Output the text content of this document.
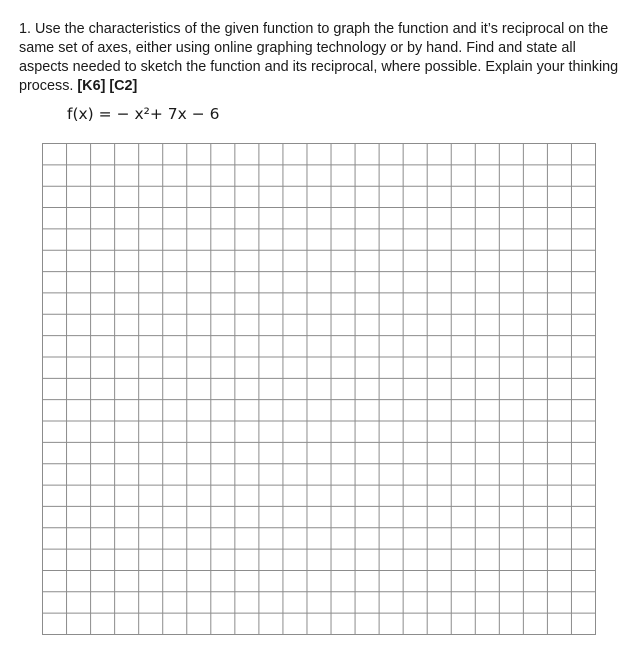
1. Use the characteristics of the given function to graph the function and it’s reciprocal on the same set of axes, either using online graphing technology or by hand. Find and state all aspects needed to sketch the function and its reciprocal, where possible. Explain your thinking process. [K6] [C2]

f(x) = − x²+ 7x − 6
